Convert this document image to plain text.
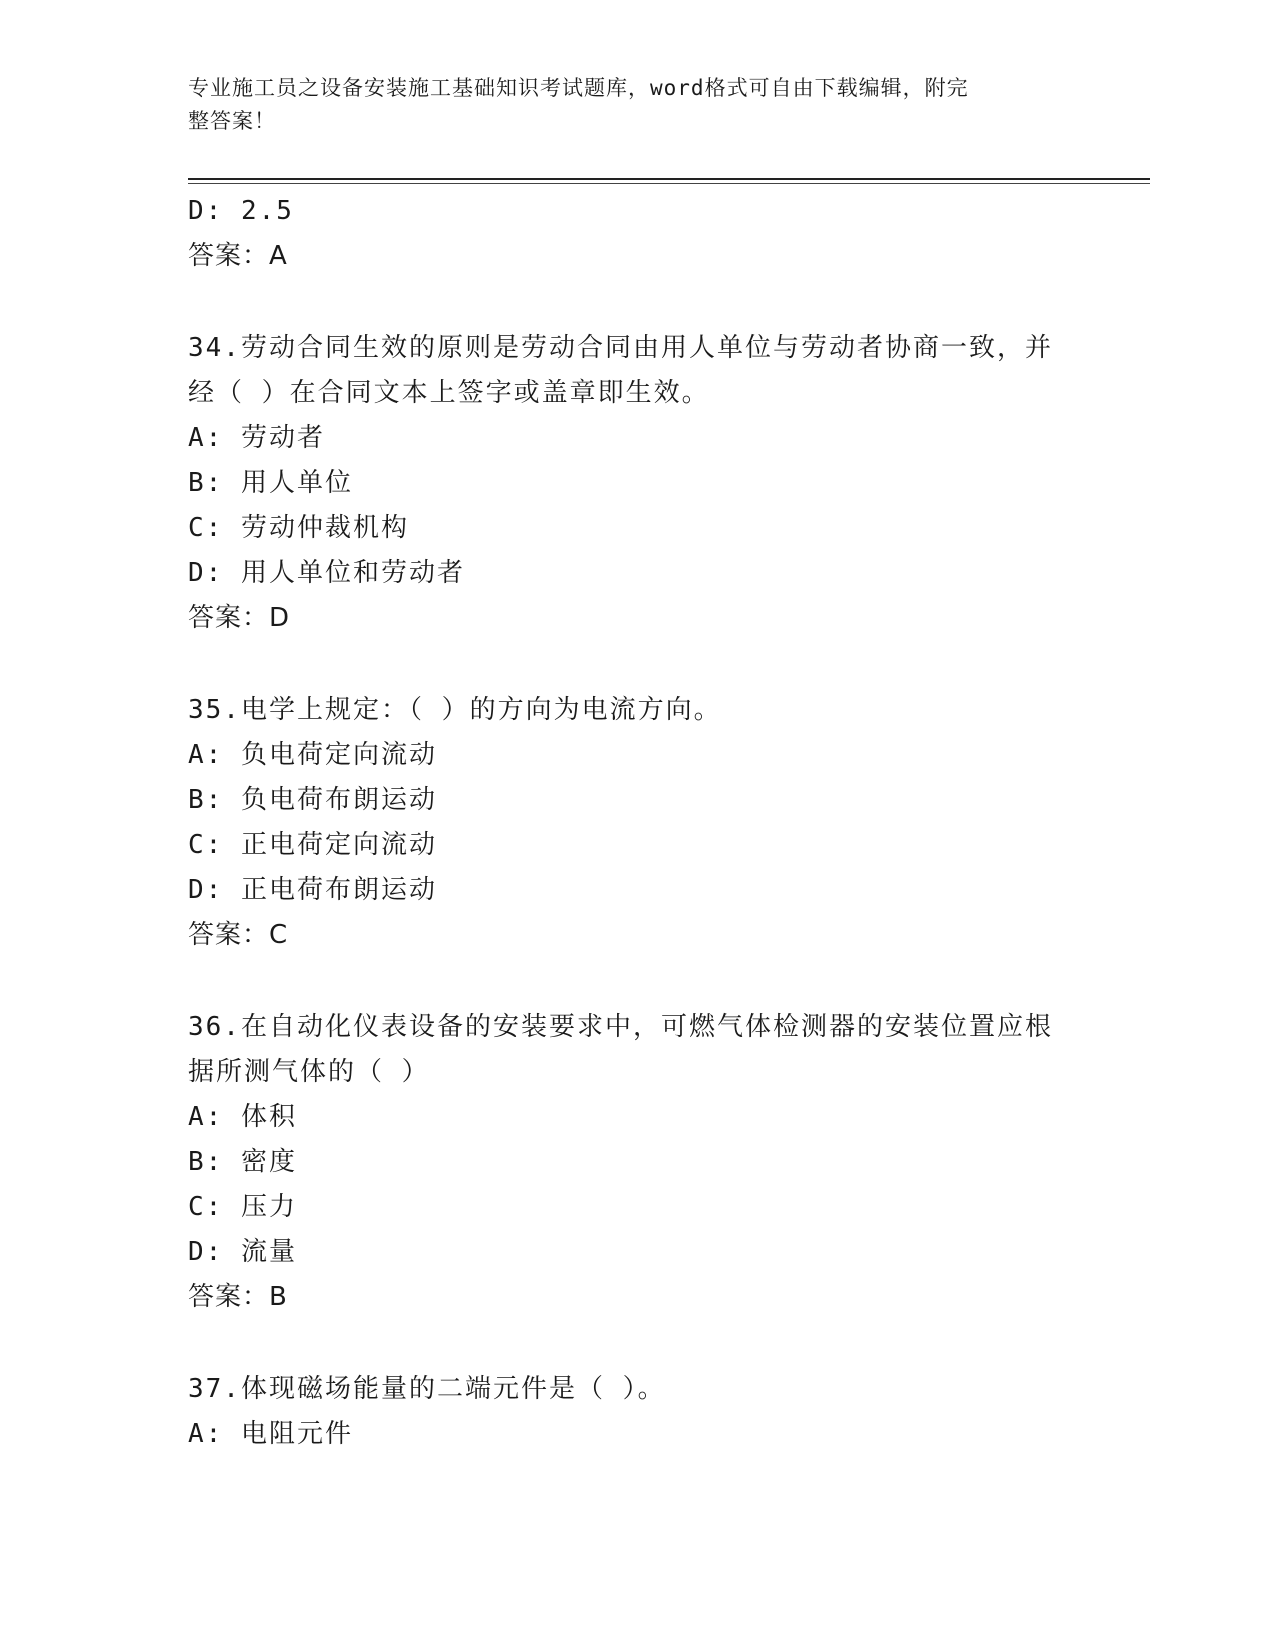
专业施工员之设备安装施工基础知识考试题库，word格式可自由下载编辑，附完
整答案！
D: 2.5
答案：A
34.劳动合同生效的原则是劳动合同由用人单位与劳动者协商一致，并
经（ ）在合同文本上签字或盖章即生效。
A: 劳动者
B: 用人单位
C: 劳动仲裁机构
D: 用人单位和劳动者
答案：D
35.电学上规定：（ ）的方向为电流方向。
A: 负电荷定向流动
B: 负电荷布朗运动
C: 正电荷定向流动
D: 正电荷布朗运动
答案：C
36.在自动化仪表设备的安装要求中，可燃气体检测器的安装位置应根
据所测气体的（ ）
A: 体积
B: 密度
C: 压力
D: 流量
答案：B
37.体现磁场能量的二端元件是（ ）。
A: 电阻元件
